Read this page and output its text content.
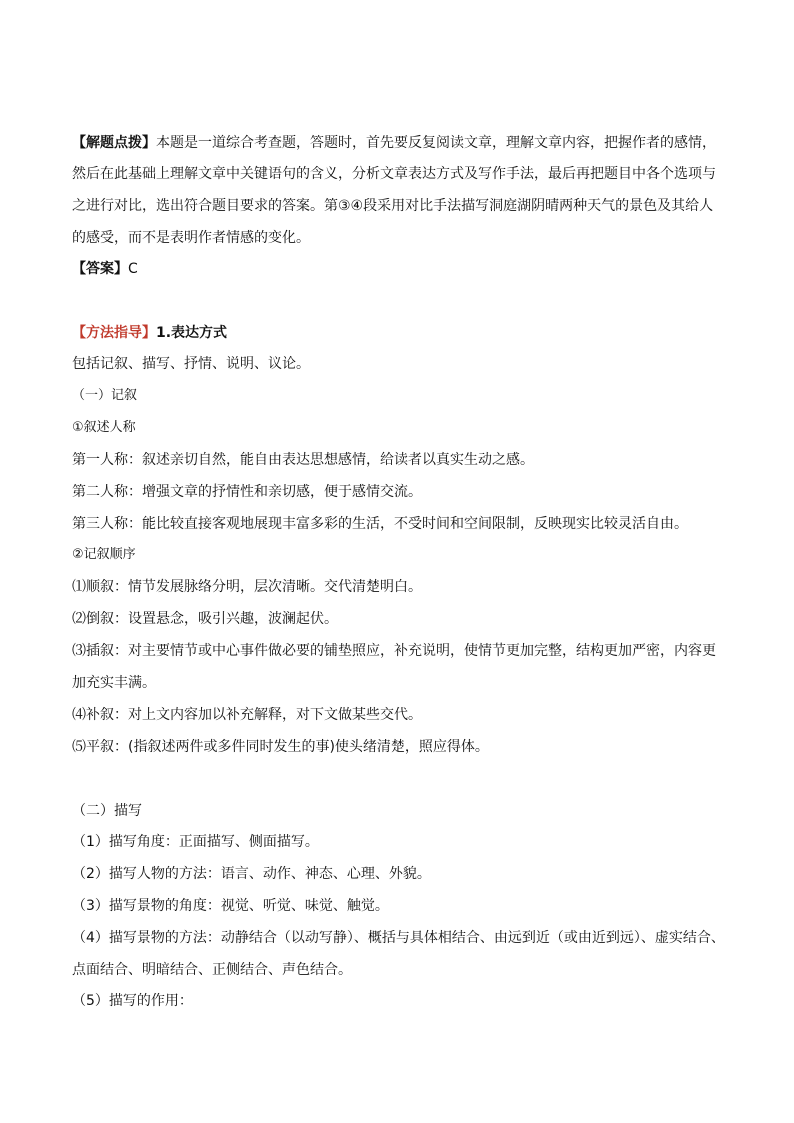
【解题点拨】本题是一道综合考查题，答题时，首先要反复阅读文章，理解文章内容，把握作者的感情，

然后在此基础上理解文章中关键语句的含义，分析文章表达方式及写作手法，最后再把题目中各个选项与

之进行对比，选出符合题目要求的答案。第③④段采用对比手法描写洞庭湖阴晴两种天气的景色及其给人

的感受，而不是表明作者情感的变化。

【答案】C

【方法指导】1.表达方式

包括记叙、描写、抒情、说明、议论。

（一）记叙

①叙述人称

第一人称：叙述亲切自然，能自由表达思想感情，给读者以真实生动之感。

第二人称：增强文章的抒情性和亲切感，便于感情交流。

第三人称：能比较直接客观地展现丰富多彩的生活，不受时间和空间限制，反映现实比较灵活自由。

②记叙顺序

⑴顺叙：情节发展脉络分明，层次清晰。交代清楚明白。

⑵倒叙：设置悬念，吸引兴趣，波澜起伏。

⑶插叙：对主要情节或中心事件做必要的铺垫照应，补充说明，使情节更加完整，结构更加严密，内容更

加充实丰满。

⑷补叙：对上文内容加以补充解释，对下文做某些交代。

⑸平叙：(指叙述两件或多件同时发生的事)使头绪清楚，照应得体。

（二）描写

（1）描写角度：正面描写、侧面描写。

（2）描写人物的方法：语言、动作、神态、心理、外貌。

（3）描写景物的角度：视觉、听觉、味觉、触觉。

（4）描写景物的方法：动静结合（以动写静）、概括与具体相结合、由远到近（或由近到远）、虚实结合、

点面结合、明暗结合、正侧结合、声色结合。

（5）描写的作用：
